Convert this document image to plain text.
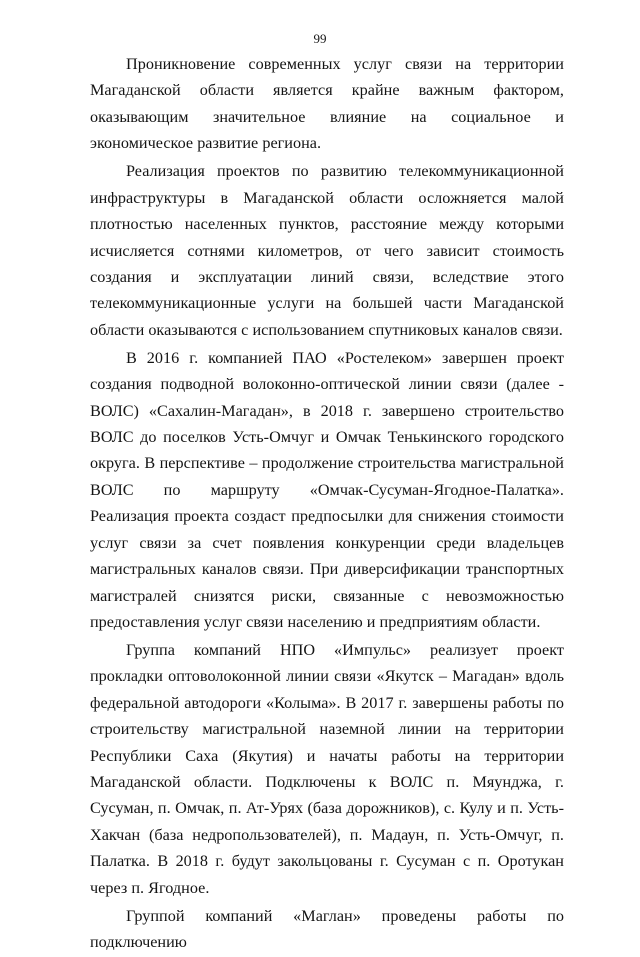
99

Проникновение современных услуг связи на территории Магаданской области является крайне важным фактором, оказывающим значительное влияние на социальное и экономическое развитие региона.

Реализация проектов по развитию телекоммуникационной инфраструктуры в Магаданской области осложняется малой плотностью населенных пунктов, расстояние между которыми исчисляется сотнями километров, от чего зависит стоимость создания и эксплуатации линий связи, вследствие этого телекоммуникационные услуги на большей части Магаданской области оказываются с использованием спутниковых каналов связи.

В 2016 г. компанией ПАО «Ростелеком» завершен проект создания подводной волоконно-оптической линии связи (далее - ВОЛС) «Сахалин-Магадан», в 2018 г. завершено строительство ВОЛС до поселков Усть-Омчуг и Омчак Тенькинского городского округа. В перспективе – продолжение строительства магистральной ВОЛС по маршруту «Омчак-Сусуман-Ягодное-Палатка». Реализация проекта создаст предпосылки для снижения стоимости услуг связи за счет появления конкуренции среди владельцев магистральных каналов связи. При диверсификации транспортных магистралей снизятся риски, связанные с невозможностью предоставления услуг связи населению и предприятиям области.

Группа компаний НПО «Импульс» реализует проект прокладки оптоволоконной линии связи «Якутск – Магадан» вдоль федеральной автодороги «Колыма». В 2017 г. завершены работы по строительству магистральной наземной линии на территории Республики Саха (Якутия) и начаты работы на территории Магаданской области. Подключены к ВОЛС п. Мяунджа, г. Сусуман, п. Омчак, п. Ат-Урях (база дорожников), с. Кулу и п. Усть-Хакчан (база недропользователей), п. Мадаун, п. Усть-Омчуг, п. Палатка. В 2018 г. будут закольцованы г. Сусуман с п. Оротукан через п. Ягодное.

Группой компаний «Маглан» проведены работы по подключению
